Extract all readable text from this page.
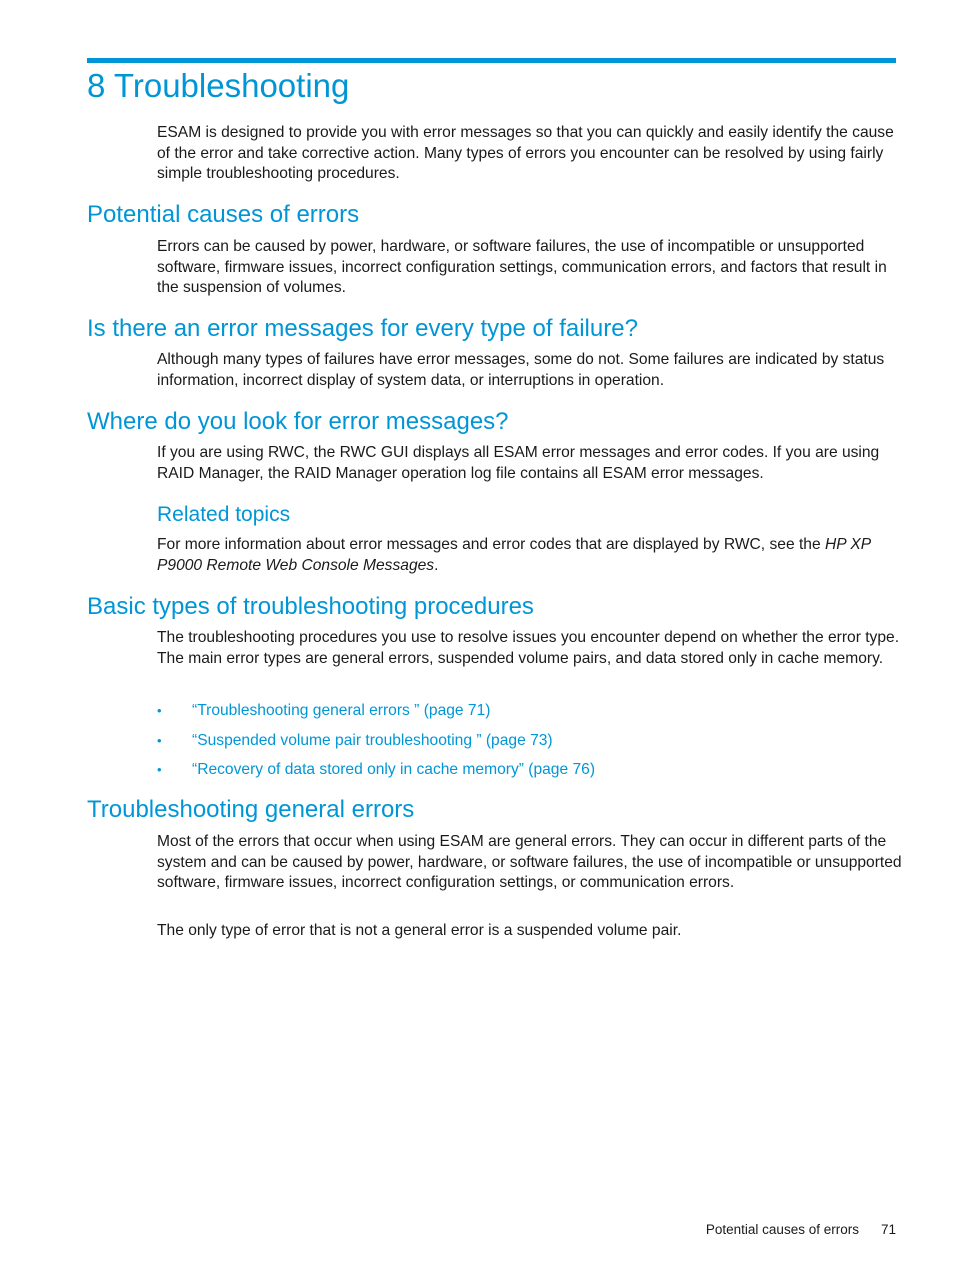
8 Troubleshooting

ESAM is designed to provide you with error messages so that you can quickly and easily identify the cause of the error and take corrective action. Many types of errors you encounter can be resolved by using fairly simple troubleshooting procedures.

Potential causes of errors

Errors can be caused by power, hardware, or software failures, the use of incompatible or unsupported software, firmware issues, incorrect configuration settings, communication errors, and factors that result in the suspension of volumes.

Is there an error messages for every type of failure?

Although many types of failures have error messages, some do not. Some failures are indicated by status information, incorrect display of system data, or interruptions in operation.

Where do you look for error messages?

If you are using RWC, the RWC GUI displays all ESAM error messages and error codes. If you are using RAID Manager, the RAID Manager operation log file contains all ESAM error messages.

Related topics

For more information about error messages and error codes that are displayed by RWC, see the HP XP P9000 Remote Web Console Messages.

Basic types of troubleshooting procedures

The troubleshooting procedures you use to resolve issues you encounter depend on whether the error type. The main error types are general errors, suspended volume pairs, and data stored only in cache memory.

• “Troubleshooting general errors ” (page 71)
• “Suspended volume pair troubleshooting ” (page 73)
• “Recovery of data stored only in cache memory” (page 76)
Troubleshooting general errors

Most of the errors that occur when using ESAM are general errors. They can occur in different parts of the system and can be caused by power, hardware, or software failures, the use of incompatible or unsupported software, firmware issues, incorrect configuration settings, or communication errors.

The only type of error that is not a general error is a suspended volume pair.

Potential causes of errors 71
